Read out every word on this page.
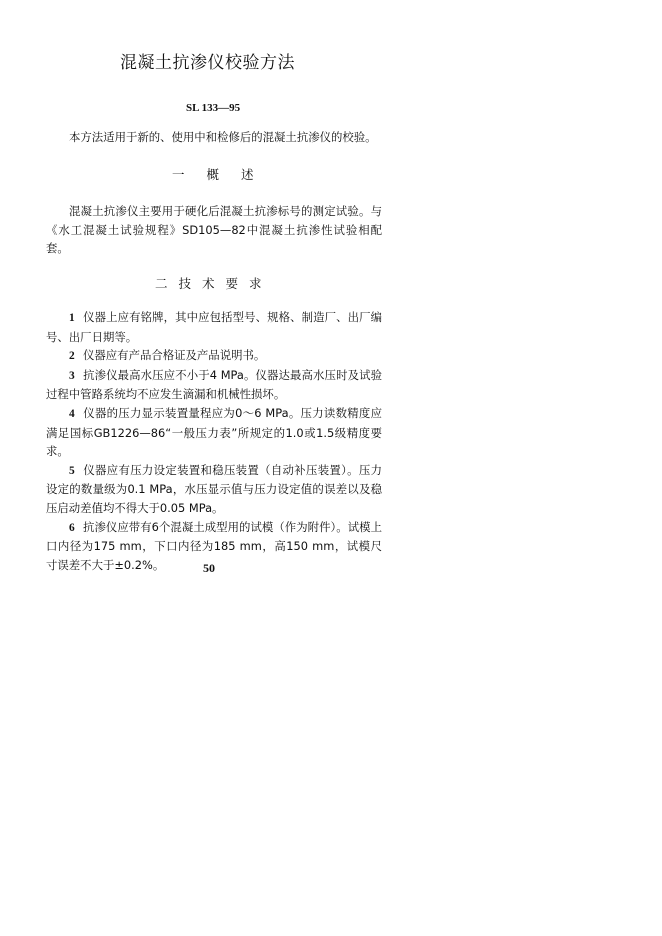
混凝土抗渗仪校验方法
SL 133—95

本方法适用于新的、使用中和检修后的混凝土抗渗仪的校验。

一 概 述

混凝土抗渗仪主要用于硬化后混凝土抗渗标号的测定试验。与《水工混凝土试验规程》SD105—82中混凝土抗渗性试验相配套。

二技术要求

1 仪器上应有铭牌，其中应包括型号、规格、制造厂、出厂编号、出厂日期等。

2 仪器应有产品合格证及产品说明书。

3 抗渗仪最高水压应不小于4 MPa。仪器达最高水压时及试验过程中管路系统均不应发生滴漏和机械性损坏。

4 仪器的压力显示装置量程应为0～6 MPa。压力读数精度应满足国标GB1226—86“一般压力表”所规定的1.0或1.5级精度要求。

5 仪器应有压力设定装置和稳压装置（自动补压装置）。压力设定的数量级为0.1 MPa，水压显示值与压力设定值的误差以及稳压启动差值均不得大于0.05 MPa。

6 抗渗仪应带有6个混凝土成型用的试模（作为附件）。试模上口内径为175 mm，下口内径为185 mm，高150 mm，试模尺寸误差不大于±0.2%。	50
